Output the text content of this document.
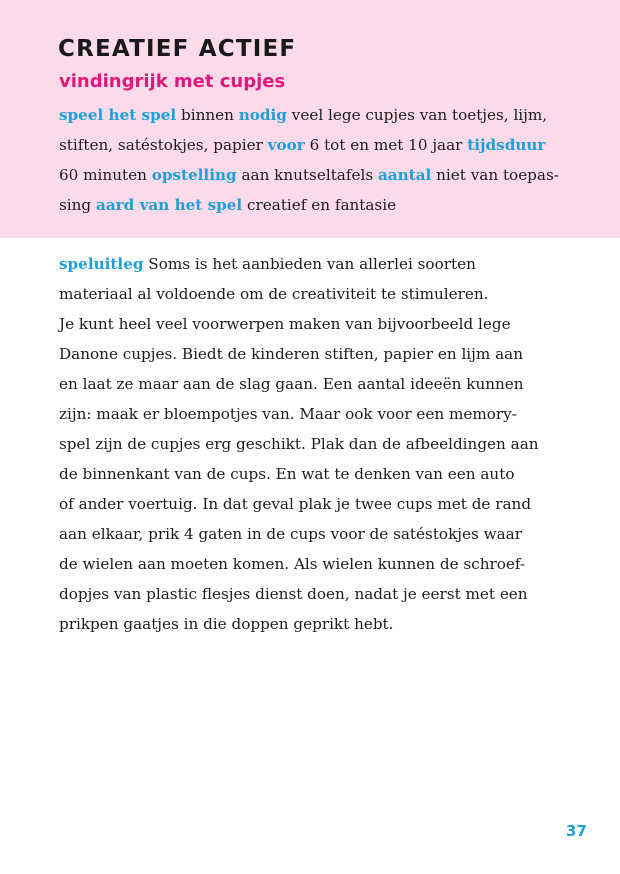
CREATIEF ACTIEF
vindingrijk met cupjes
speel het spel binnen nodig veel lege cupjes van toetjes, lijm,
stiften, satéstokjes, papier voor 6 tot en met 10 jaar tijdsduur
60 minuten opstelling aan knutseltafels aantal niet van toepas-
sing aard van het spel creatief en fantasie
speluitleg Soms is het aanbieden van allerlei soorten
materiaal al voldoende om de creativiteit te stimuleren.
Je kunt heel veel voorwerpen maken van bijvoorbeeld lege
Danone cupjes. Biedt de kinderen stiften, papier en lijm aan
en laat ze maar aan de slag gaan. Een aantal ideeën kunnen
zijn: maak er bloempotjes van. Maar ook voor een memory-
spel zijn de cupjes erg geschikt. Plak dan de afbeeldingen aan
de binnenkant van de cups. En wat te denken van een auto
of ander voertuig. In dat geval plak je twee cups met de rand
aan elkaar, prik 4 gaten in de cups voor de satéstokjes waar
de wielen aan moeten komen. Als wielen kunnen de schroef-
dopjes van plastic flesjes dienst doen, nadat je eerst met een
prikpen gaatjes in die doppen geprikt hebt.
37
